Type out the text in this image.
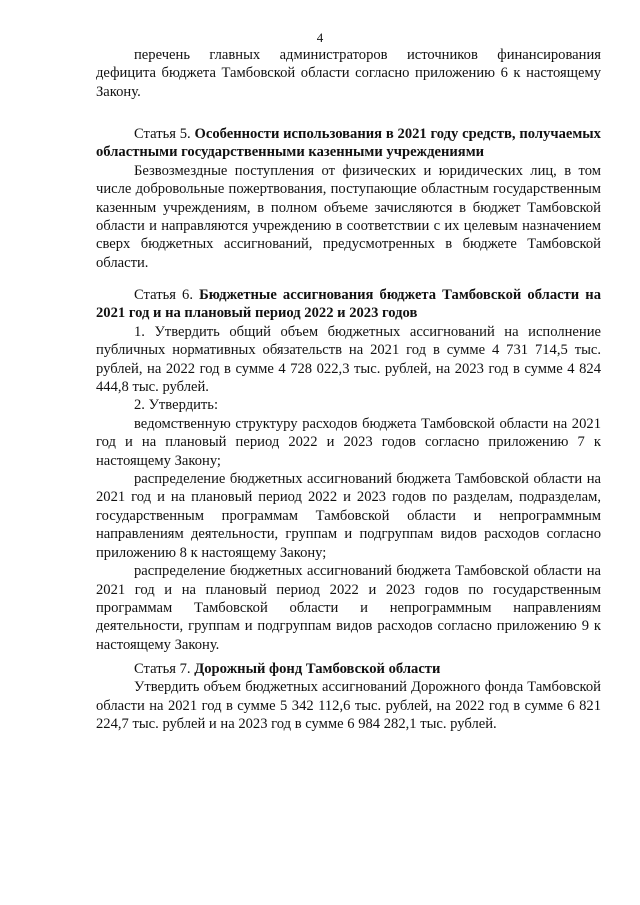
4

перечень главных администраторов источников финансирования дефицита бюджета Тамбовской области согласно приложению 6 к настоящему Закону.

Статья 5. Особенности использования в 2021 году средств, получаемых областными государственными казенными учреждениями

Безвозмездные поступления от физических и юридических лиц, в том числе добровольные пожертвования, поступающие областным государственным казенным учреждениям, в полном объеме зачисляются в бюджет Тамбовской области и направляются учреждению в соответствии с их целевым назначением сверх бюджетных ассигнований, предусмотренных в бюджете Тамбовской области.

Статья 6. Бюджетные ассигнования бюджета Тамбовской области на 2021 год и на плановый период 2022 и 2023 годов

1. Утвердить общий объем бюджетных ассигнований на исполнение публичных нормативных обязательств на 2021 год в сумме 4 731 714,5 тыс. рублей, на 2022 год в сумме 4 728 022,3 тыс. рублей, на 2023 год в сумме 4 824 444,8 тыс. рублей.

2. Утвердить:

ведомственную структуру расходов бюджета Тамбовской области на 2021 год и на плановый период 2022 и 2023 годов согласно приложению 7 к настоящему Закону;

распределение бюджетных ассигнований бюджета Тамбовской области на 2021 год и на плановый период 2022 и 2023 годов по разделам, подразделам, государственным программам Тамбовской области и непрограммным направлениям деятельности, группам и подгруппам видов расходов согласно приложению 8 к настоящему Закону;

распределение бюджетных ассигнований бюджета Тамбовской области на 2021 год и на плановый период 2022 и 2023 годов по государственным программам Тамбовской области и непрограммным направлениям деятельности, группам и подгруппам видов расходов согласно приложению 9 к настоящему Закону.

Статья 7. Дорожный фонд Тамбовской области

Утвердить объем бюджетных ассигнований Дорожного фонда Тамбовской области на 2021 год в сумме 5 342 112,6 тыс. рублей, на 2022 год в сумме 6 821 224,7 тыс. рублей и на 2023 год в сумме 6 984 282,1 тыс. рублей.
